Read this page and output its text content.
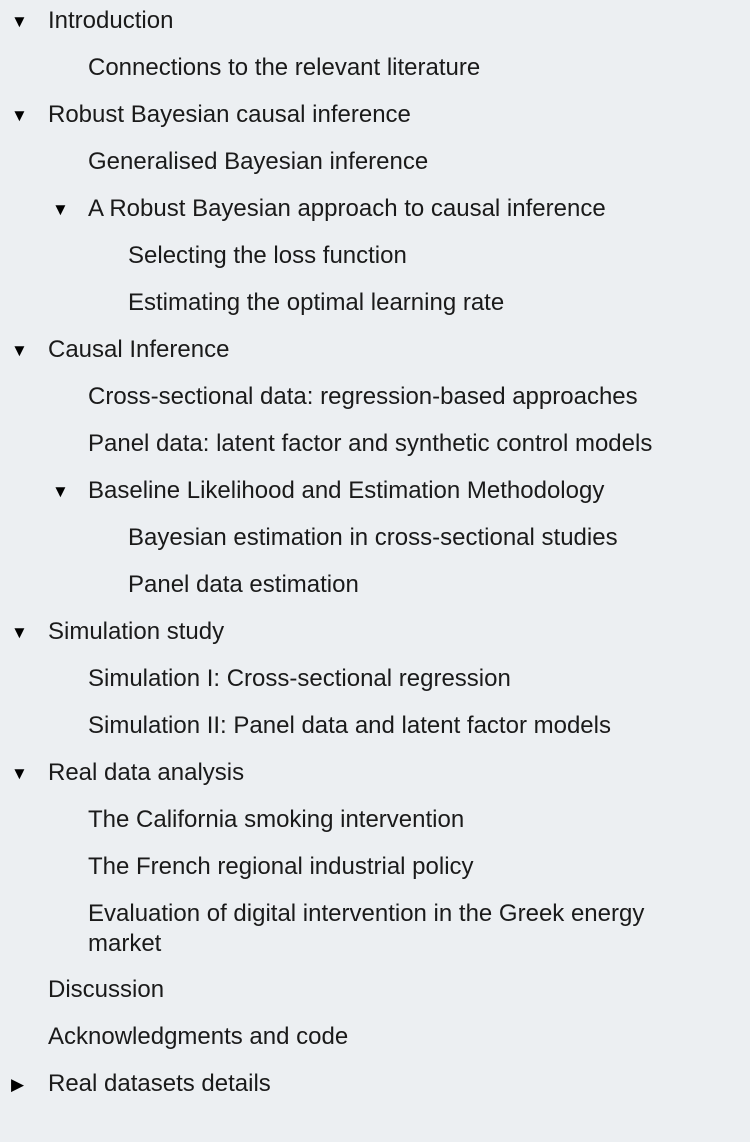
▼ Introduction
Connections to the relevant literature
▼ Robust Bayesian causal inference
Generalised Bayesian inference
▼ A Robust Bayesian approach to causal inference
Selecting the loss function
Estimating the optimal learning rate
▼ Causal Inference
Cross-sectional data: regression-based approaches
Panel data: latent factor and synthetic control models
▼ Baseline Likelihood and Estimation Methodology
Bayesian estimation in cross-sectional studies
Panel data estimation
▼ Simulation study
Simulation I: Cross-sectional regression
Simulation II: Panel data and latent factor models
▼ Real data analysis
The California smoking intervention
The French regional industrial policy
Evaluation of digital intervention in the Greek energy market
Discussion
Acknowledgments and code
▶ Real datasets details
